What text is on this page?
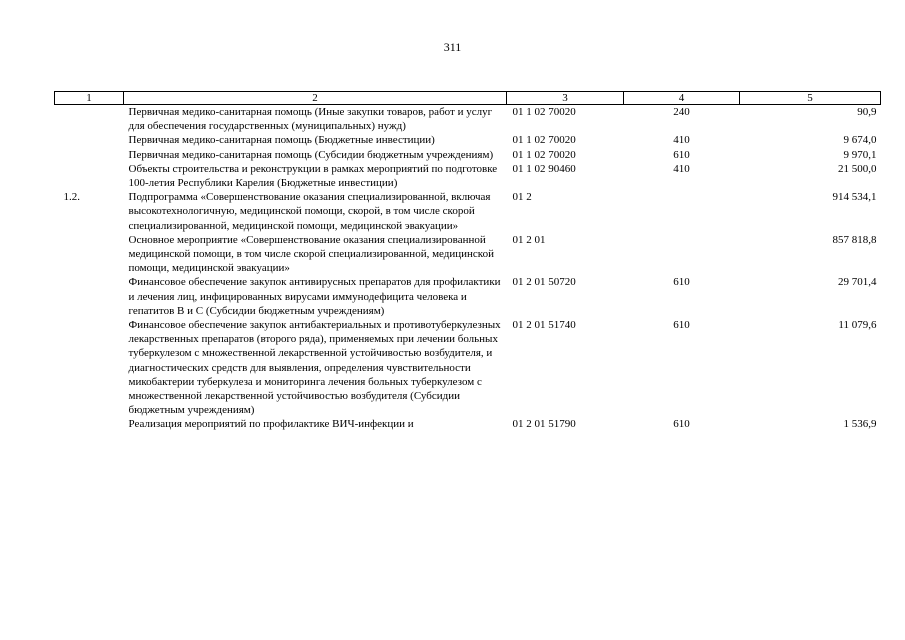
311
1	2	3	4	5
	Первичная медико-санитарная помощь (Иные закупки товаров, работ и услуг для обеспечения государственных (муниципальных) нужд)	01 1 02 70020	240	90,9
	Первичная медико-санитарная помощь (Бюджетные инвестиции)	01 1 02 70020	410	9 674,0
	Первичная медико-санитарная помощь (Субсидии бюджетным учреждениям)	01 1 02 70020	610	9 970,1
	Объекты строительства и реконструкции в рамках мероприятий по подготовке 100-летия Республики Карелия (Бюджетные инвестиции)	01 1 02 90460	410	21 500,0
1.2.	Подпрограмма «Совершенствование оказания специализированной, включая высокотехнологичную, медицинской помощи, скорой, в том числе скорой специализированной, медицинской помощи, медицинской эвакуации»	01 2		914 534,1
	Основное мероприятие «Совершенствование оказания специализированной медицинской помощи, в том числе скорой специализированной, медицинской помощи, медицинской эвакуации»	01 2 01		857 818,8
	Финансовое обеспечение закупок антивирусных препаратов для профилактики и лечения лиц, инфицированных вирусами иммунодефицита человека и гепатитов В и С (Субсидии бюджетным учреждениям)	01 2 01 50720	610	29 701,4
	Финансовое обеспечение закупок антибактериальных и противотуберкулезных лекарственных препаратов (второго ряда), применяемых при лечении больных туберкулезом с множественной лекарственной устойчивостью возбудителя, и диагностических средств для выявления, определения чувствительности микобактерии туберкулеза и мониторинга лечения больных туберкулезом с множественной лекарственной устойчивостью возбудителя (Субсидии бюджетным учреждениям)	01 2 01 51740	610	11 079,6
	Реализация мероприятий по профилактике ВИЧ-инфекции и	01 2 01 51790	610	1 536,9
